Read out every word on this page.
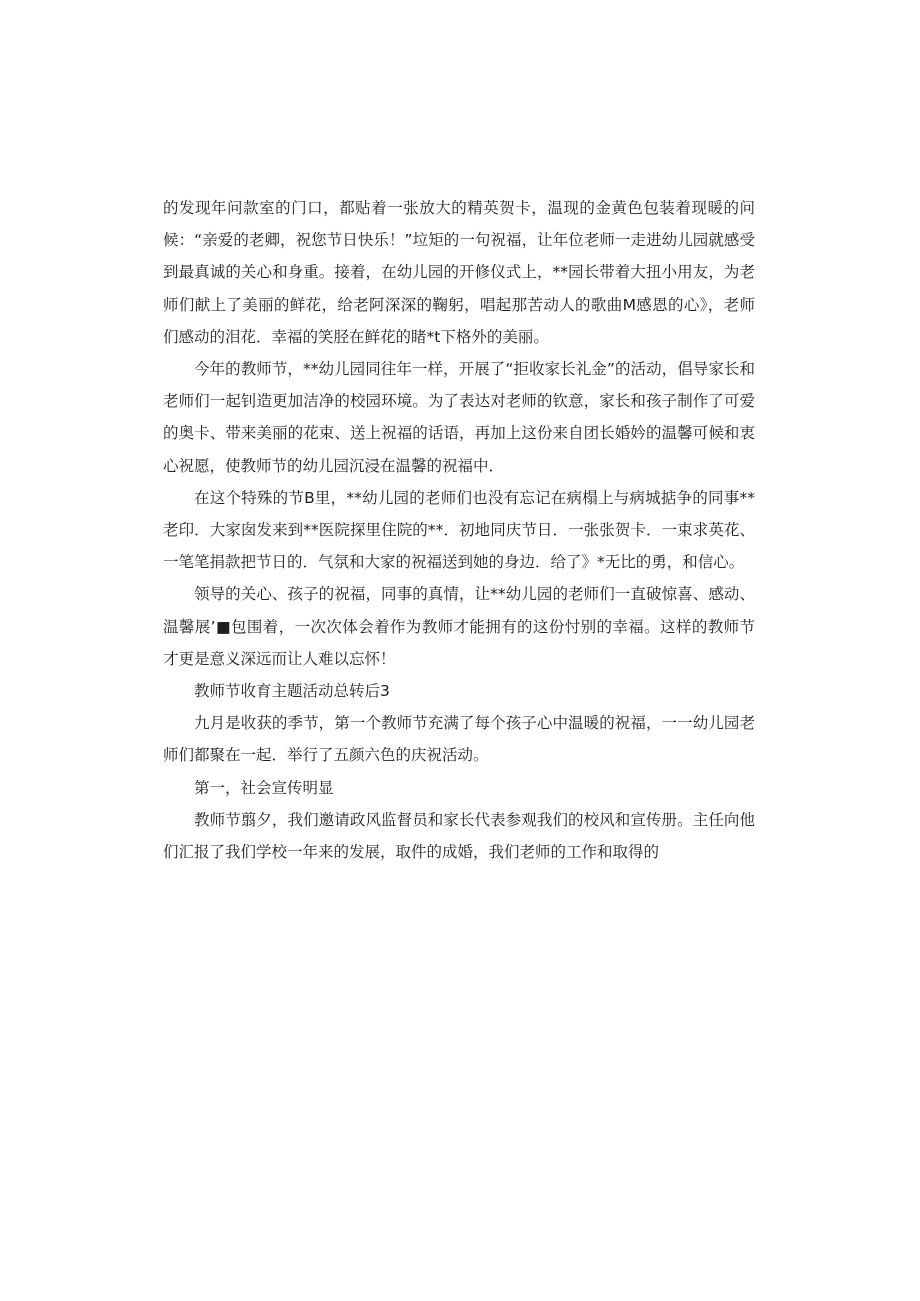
的发现年问款室的门口，都贴着一张放大的精英贺卡，温现的金黄色包装着现暖的问候：“亲爱的老卿，祝您节日快乐！”垃矩的一句祝福，让年位老师一走进幼儿园就感受到最真诚的关心和身重。接着，在幼儿园的开修仪式上，**园长带着大扭小用友，为老师们献上了美丽的鲜花，给老阿深深的鞠躬，唱起那苦动人的歌曲M感恩的心》，老师们感动的泪花．幸福的笑胫在鲜花的睹*t下格外的美丽。

今年的教师节，**幼儿园同往年一样，开展了“拒收家长礼金”的活动，倡导家长和老师们一起钊造更加洁净的校园环境。为了表达对老师的钦意，家长和孩子制作了可爱的奥卡、带来美丽的花束、送上祝福的话语，再加上这份来自团长婚妗的温馨可候和衷心祝愿，使教师节的幼儿园沉浸在温馨的祝福中．

在这个特殊的节B里，**幼儿园的老师们也没有忘记在病榻上与病城掂争的同事**老印．大家囱发来到**医院探里住院的**．初地同庆节日．一张张贺卡．一束求英花、一笔笔捐款把节日的．气氛和大家的祝福送到她的身边．给了》*无比的勇，和信心。

领导的关心、孩子的祝福，同事的真情，让**幼儿园的老师们一直破惊喜、感动、温馨展’■包围着，一次次体会着作为教师才能拥有的这份忖别的幸福。这样的教师节才更是意义深远而让人难以忘怀！

教师节收育主题活动总转后3

九月是收获的季节，第一个教师节充满了每个孩子心中温暖的祝福，一一幼儿园老师们都聚在一起．举行了五颜六色的庆祝活动。

第一，社会宣传明显

教师节翦夕，我们邀请政风监督员和家长代表参观我们的校风和宣传册。主任向他们汇报了我们学校一年来的发展，取件的成婚，我们老师的工作和取得的
